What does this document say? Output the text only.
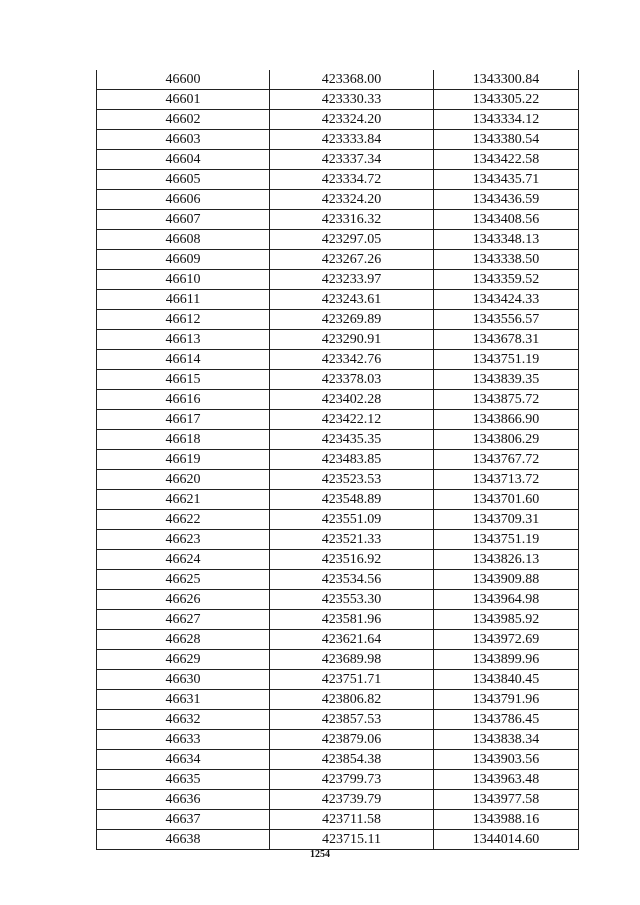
46600	423368.00	1343300.84
46601	423330.33	1343305.22
46602	423324.20	1343334.12
46603	423333.84	1343380.54
46604	423337.34	1343422.58
46605	423334.72	1343435.71
46606	423324.20	1343436.59
46607	423316.32	1343408.56
46608	423297.05	1343348.13
46609	423267.26	1343338.50
46610	423233.97	1343359.52
46611	423243.61	1343424.33
46612	423269.89	1343556.57
46613	423290.91	1343678.31
46614	423342.76	1343751.19
46615	423378.03	1343839.35
46616	423402.28	1343875.72
46617	423422.12	1343866.90
46618	423435.35	1343806.29
46619	423483.85	1343767.72
46620	423523.53	1343713.72
46621	423548.89	1343701.60
46622	423551.09	1343709.31
46623	423521.33	1343751.19
46624	423516.92	1343826.13
46625	423534.56	1343909.88
46626	423553.30	1343964.98
46627	423581.96	1343985.92
46628	423621.64	1343972.69
46629	423689.98	1343899.96
46630	423751.71	1343840.45
46631	423806.82	1343791.96
46632	423857.53	1343786.45
46633	423879.06	1343838.34
46634	423854.38	1343903.56
46635	423799.73	1343963.48
46636	423739.79	1343977.58
46637	423711.58	1343988.16
46638	423715.11	1344014.60
1254
